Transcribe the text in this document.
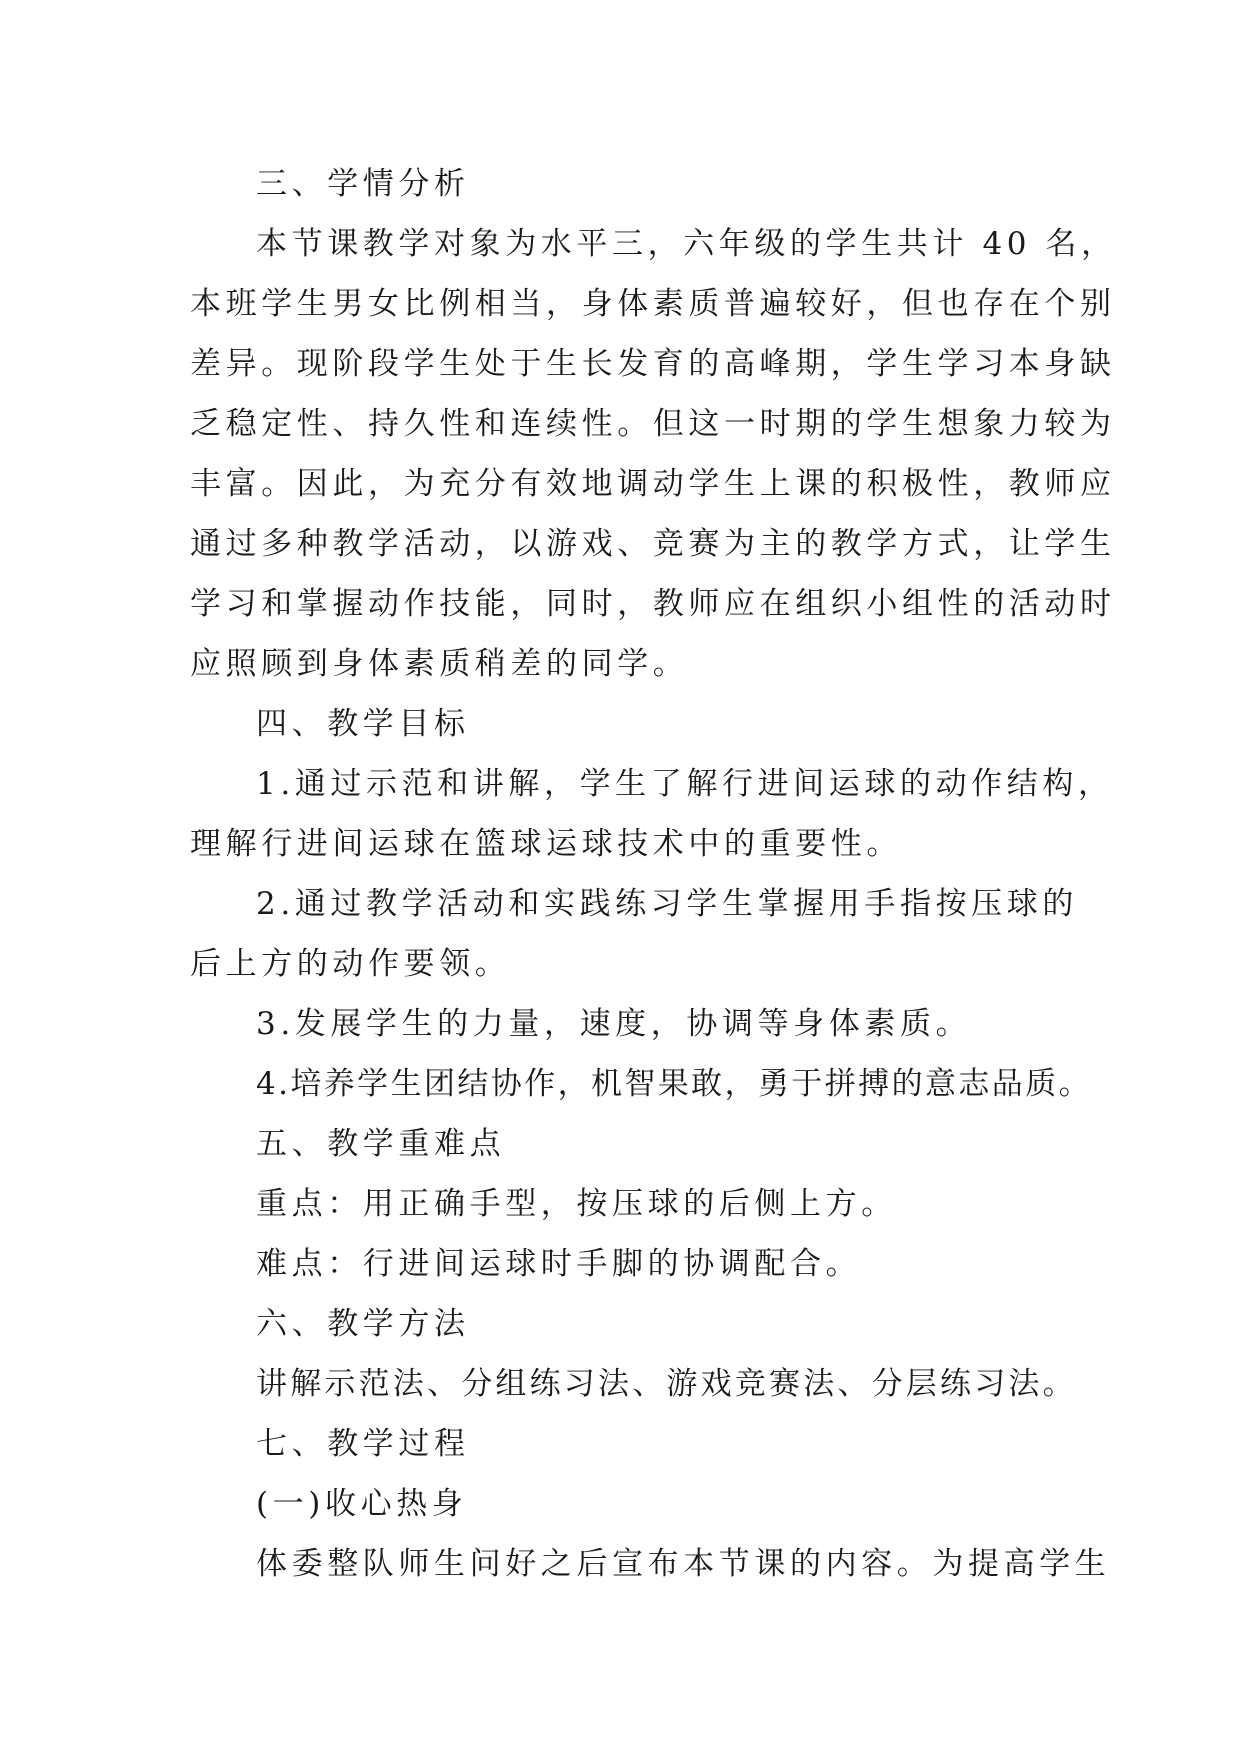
三、学情分析
本节课教学对象为水平三，六年级的学生共计 40 名，
本班学生男女比例相当，身体素质普遍较好，但也存在个别
差异。现阶段学生处于生长发育的高峰期，学生学习本身缺
乏稳定性、持久性和连续性。但这一时期的学生想象力较为
丰富。因此，为充分有效地调动学生上课的积极性，教师应
通过多种教学活动，以游戏、竞赛为主的教学方式，让学生
学习和掌握动作技能，同时，教师应在组织小组性的活动时
应照顾到身体素质稍差的同学。
四、教学目标
1.通过示范和讲解，学生了解行进间运球的动作结构，
理解行进间运球在篮球运球技术中的重要性。
2.通过教学活动和实践练习学生掌握用手指按压球的
后上方的动作要领。
3.发展学生的力量，速度，协调等身体素质。
4.培养学生团结协作，机智果敢，勇于拼搏的意志品质。
五、教学重难点
重点：用正确手型，按压球的后侧上方。
难点：行进间运球时手脚的协调配合。
六、教学方法
讲解示范法、分组练习法、游戏竞赛法、分层练习法。
七、教学过程
(一)收心热身
体委整队师生问好之后宣布本节课的内容。为提高学生
